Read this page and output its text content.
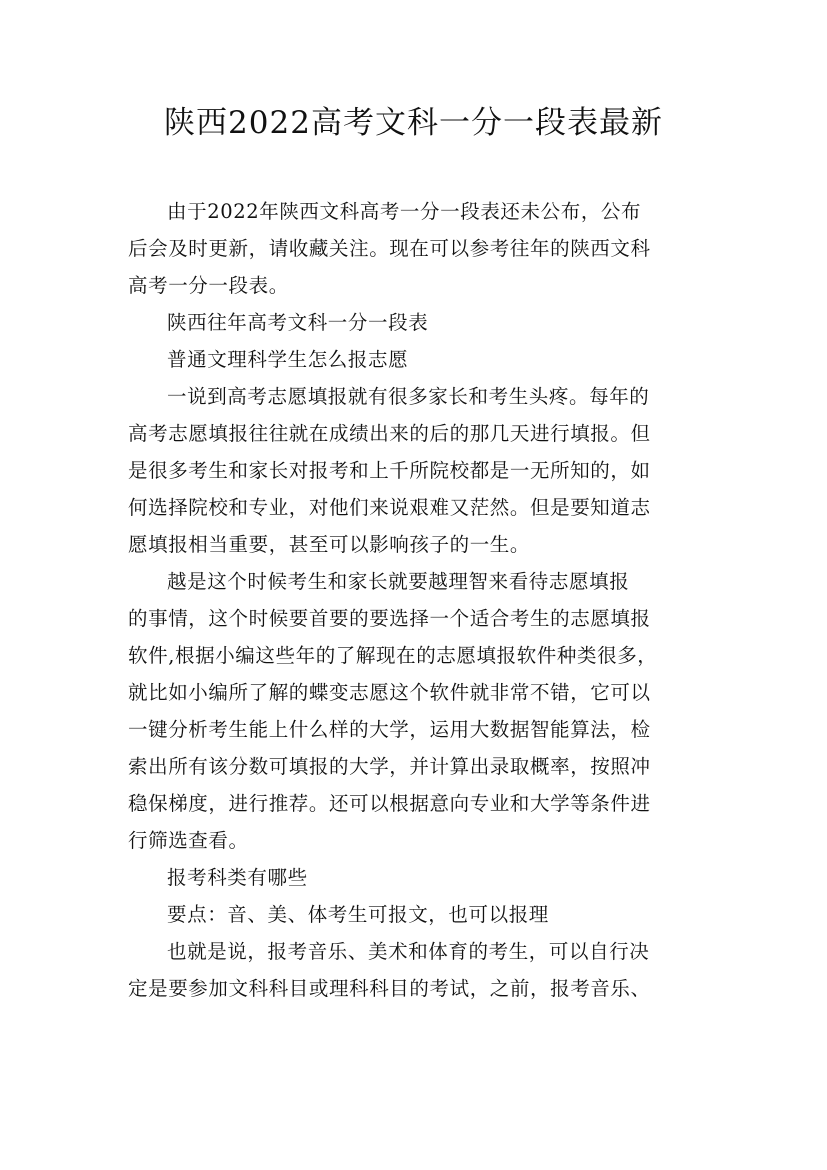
陕西2022高考文科一分一段表最新
由于2022年陕西文科高考一分一段表还未公布，公布
后会及时更新，请收藏关注。现在可以参考往年的陕西文科
高考一分一段表。
陕西往年高考文科一分一段表
普通文理科学生怎么报志愿
一说到高考志愿填报就有很多家长和考生头疼。每年的
高考志愿填报往往就在成绩出来的后的那几天进行填报。但
是很多考生和家长对报考和上千所院校都是一无所知的，如
何选择院校和专业，对他们来说艰难又茫然。但是要知道志
愿填报相当重要，甚至可以影响孩子的一生。
越是这个时候考生和家长就要越理智来看待志愿填报
的事情，这个时候要首要的要选择一个适合考生的志愿填报
软件,根据小编这些年的了解现在的志愿填报软件种类很多，
就比如小编所了解的蝶变志愿这个软件就非常不错，它可以
一键分析考生能上什么样的大学，运用大数据智能算法，检
索出所有该分数可填报的大学，并计算出录取概率，按照冲
稳保梯度，进行推荐。还可以根据意向专业和大学等条件进
行筛选查看。
报考科类有哪些
要点：音、美、体考生可报文，也可以报理
也就是说，报考音乐、美术和体育的考生，可以自行决
定是要参加文科科目或理科科目的考试，之前，报考音乐、
